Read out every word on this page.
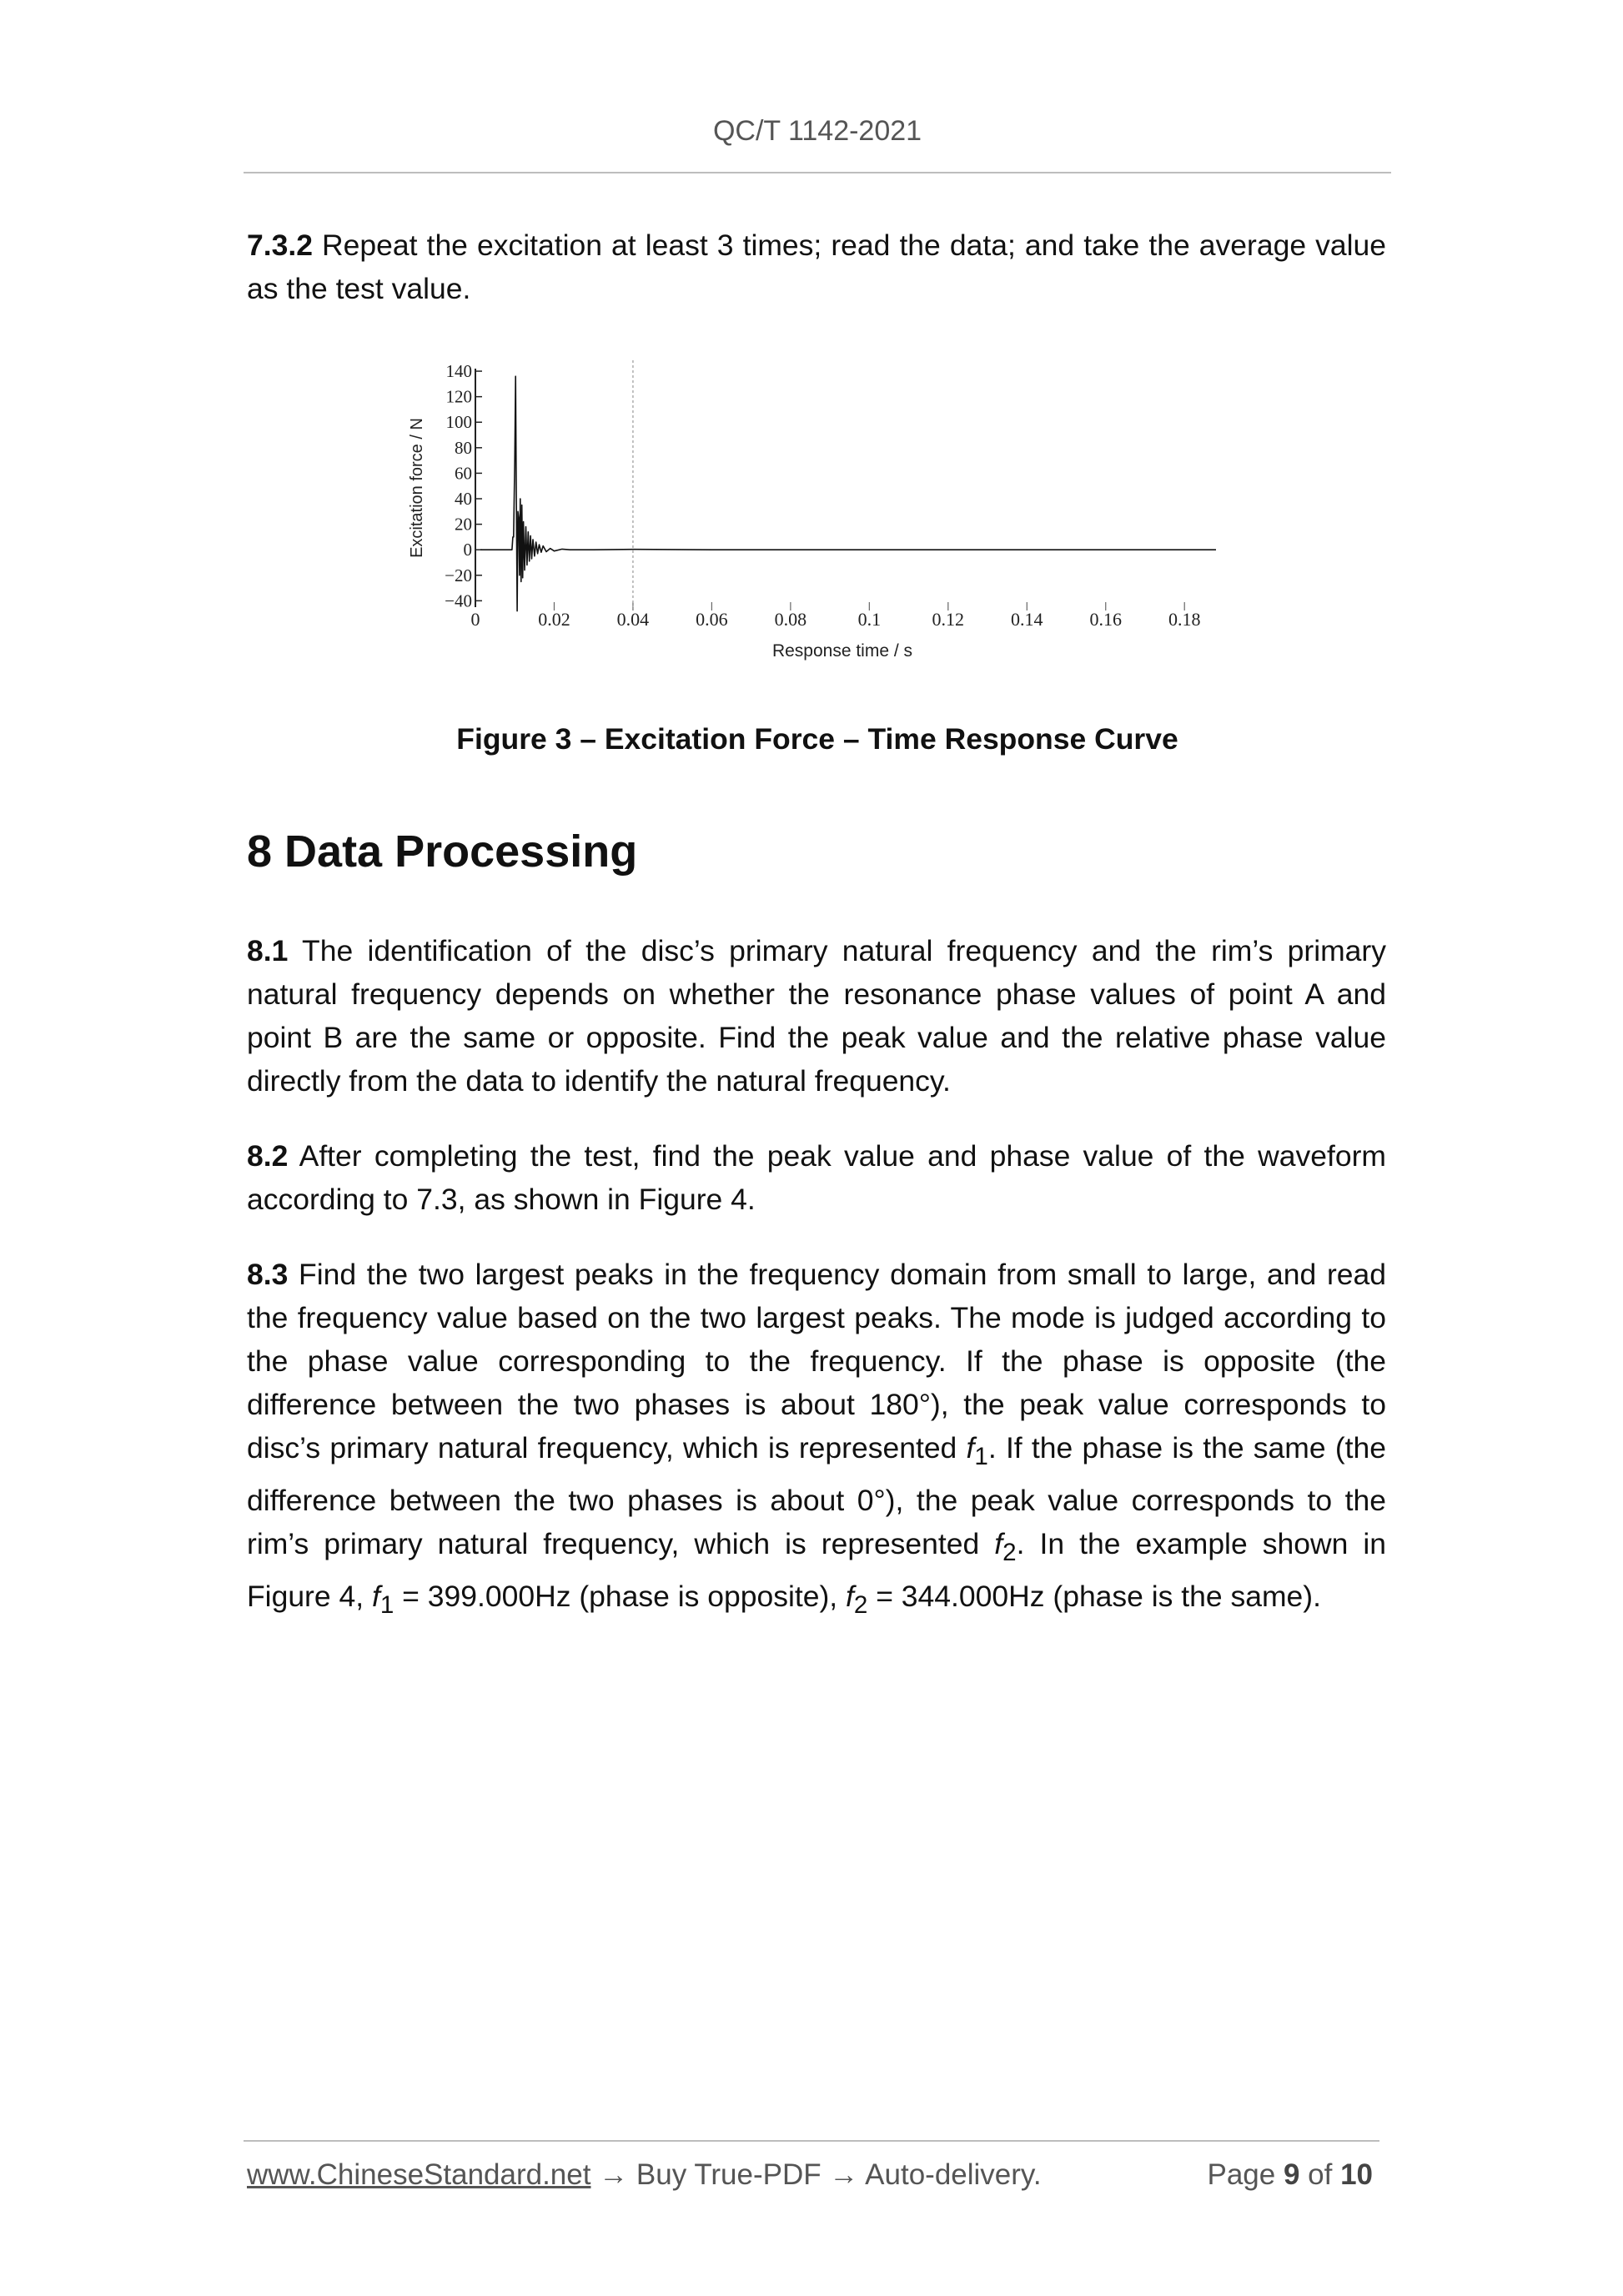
QC/T 1142-2021

7.3.2 Repeat the excitation at least 3 times; read the data; and take the average value as the test value.

Excitation force / N
140
120
100
80
60
40
20
0
−20
−40
0	0.02	0.04	0.06	0.08	0.1	0.12	0.14	0.16	0.18
Response time / s
Figure 3 – Excitation Force – Time Response Curve
8 Data Processing

8.1 The identification of the disc’s primary natural frequency and the rim’s primary natural frequency depends on whether the resonance phase values of point A and point B are the same or opposite. Find the peak value and the relative phase value directly from the data to identify the natural frequency.

8.2 After completing the test, find the peak value and phase value of the waveform according to 7.3, as shown in Figure 4.

8.3 Find the two largest peaks in the frequency domain from small to large, and read the frequency value based on the two largest peaks. The mode is judged according to the phase value corresponding to the frequency. If the phase is opposite (the difference between the two phases is about 180°), the peak value corresponds to disc’s primary natural frequency, which is represented $f_1$. If the phase is the same (the difference between the two phases is about 0°), the peak value corresponds to the rim’s primary natural frequency, which is represented $f_2$. In the example shown in Figure 4, $f_1 = 399.000Hz$ (phase is opposite), $f_2 = 344.000Hz$ (phase is the same).

www.ChineseStandard.net → Buy True-PDF → Auto-delivery.	Page 9 of 10
